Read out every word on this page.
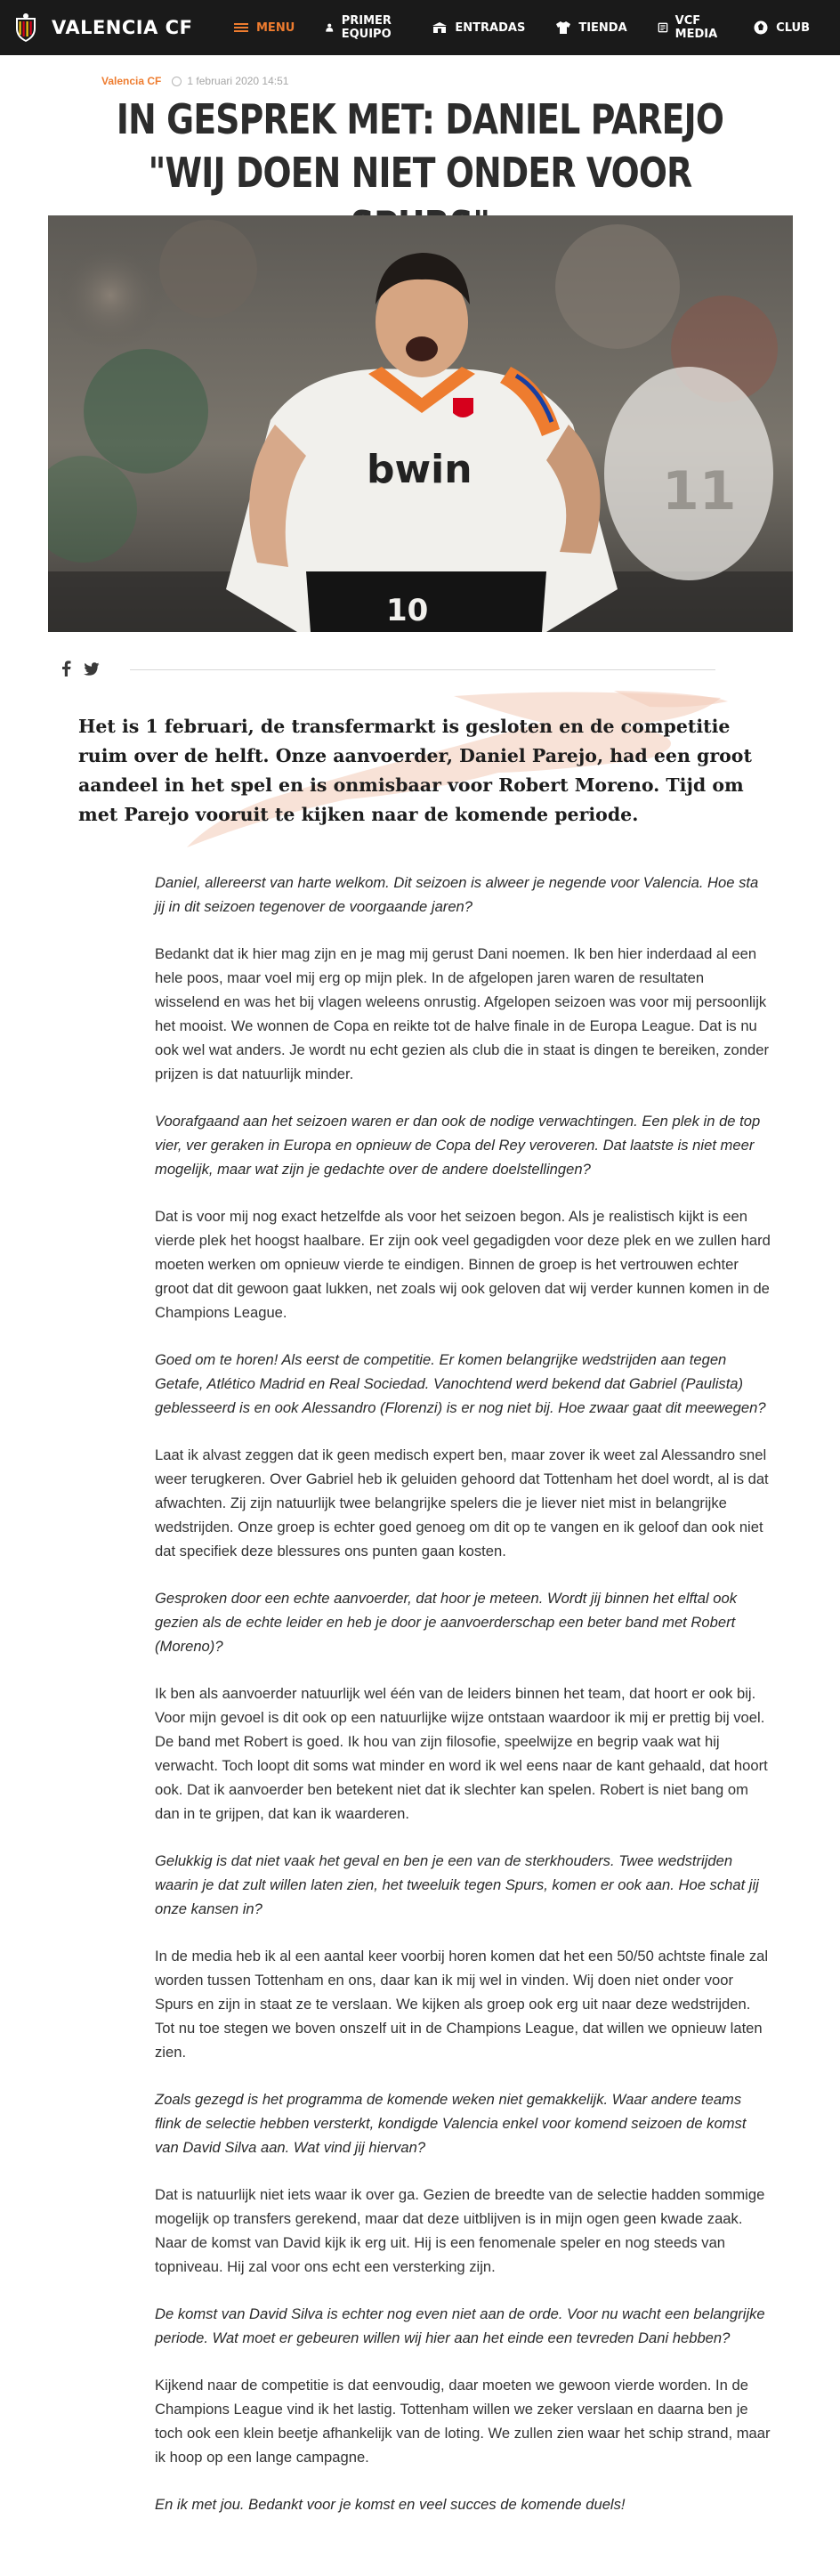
VALENCIA CF	MENU	PRIMER EQUIPO	ENTRADAS	TIENDA	VCF MEDIA	CLUB
Valencia CF 1 februari 2020 14:51
IN GESPREK MET: DANIEL PAREJO
"WIJ DOEN NIET ONDER VOOR
11
bwin
10

Het is 1 februari, de transfermarkt is gesloten en de competitie ruim over de helft. Onze aanvoerder, Daniel Parejo, had een groot aandeel in het spel en is onmisbaar voor Robert Moreno. Tijd om met Parejo vooruit te kijken naar de komende periode.

Daniel, allereerst van harte welkom. Dit seizoen is alweer je negende voor Valencia. Hoe sta jij in dit seizoen tegenover de voorgaande jaren?

Bedankt dat ik hier mag zijn en je mag mij gerust Dani noemen. Ik ben hier inderdaad al een hele poos, maar voel mij erg op mijn plek. In de afgelopen jaren waren de resultaten wisselend en was het bij vlagen weleens onrustig. Afgelopen seizoen was voor mij persoonlijk het mooist. We wonnen de Copa en reikte tot de halve finale in de Europa League. Dat is nu ook wel wat anders. Je wordt nu echt gezien als club die in staat is dingen te bereiken, zonder prijzen is dat natuurlijk minder.

Voorafgaand aan het seizoen waren er dan ook de nodige verwachtingen. Een plek in de top vier, ver geraken in Europa en opnieuw de Copa del Rey veroveren. Dat laatste is niet meer mogelijk, maar wat zijn je gedachte over de andere doelstellingen?

Dat is voor mij nog exact hetzelfde als voor het seizoen begon. Als je realistisch kijkt is een vierde plek het hoogst haalbare. Er zijn ook veel gegadigden voor deze plek en we zullen hard moeten werken om opnieuw vierde te eindigen. Binnen de groep is het vertrouwen echter groot dat dit gewoon gaat lukken, net zoals wij ook geloven dat wij verder kunnen komen in de Champions League.

Goed om te horen! Als eerst de competitie. Er komen belangrijke wedstrijden aan tegen Getafe, Atlético Madrid en Real Sociedad. Vanochtend werd bekend dat Gabriel (Paulista) geblesseerd is en ook Alessandro (Florenzi) is er nog niet bij. Hoe zwaar gaat dit meewegen?

Laat ik alvast zeggen dat ik geen medisch expert ben, maar zover ik weet zal Alessandro snel weer terugkeren. Over Gabriel heb ik geluiden gehoord dat Tottenham het doel wordt, al is dat afwachten. Zij zijn natuurlijk twee belangrijke spelers die je liever niet mist in belangrijke wedstrijden. Onze groep is echter goed genoeg om dit op te vangen en ik geloof dan ook niet dat specifiek deze blessures ons punten gaan kosten.

Gesproken door een echte aanvoerder, dat hoor je meteen. Wordt jij binnen het elftal ook gezien als de echte leider en heb je door je aanvoerderschap een beter band met Robert (Moreno)?

Ik ben als aanvoerder natuurlijk wel één van de leiders binnen het team, dat hoort er ook bij. Voor mijn gevoel is dit ook op een natuurlijke wijze ontstaan waardoor ik mij er prettig bij voel. De band met Robert is goed. Ik hou van zijn filosofie, speelwijze en begrip vaak wat hij verwacht. Toch loopt dit soms wat minder en word ik wel eens naar de kant gehaald, dat hoort ook. Dat ik aanvoerder ben betekent niet dat ik slechter kan spelen. Robert is niet bang om dan in te grijpen, dat kan ik waarderen.

Gelukkig is dat niet vaak het geval en ben je een van de sterkhouders. Twee wedstrijden waarin je dat zult willen laten zien, het tweeluik tegen Spurs, komen er ook aan. Hoe schat jij onze kansen in?

In de media heb ik al een aantal keer voorbij horen komen dat het een 50/50 achtste finale zal worden tussen Tottenham en ons, daar kan ik mij wel in vinden. Wij doen niet onder voor Spurs en zijn in staat ze te verslaan. We kijken als groep ook erg uit naar deze wedstrijden. Tot nu toe stegen we boven onszelf uit in de Champions League, dat willen we opnieuw laten zien.

Zoals gezegd is het programma de komende weken niet gemakkelijk. Waar andere teams flink de selectie hebben versterkt, kondigde Valencia enkel voor komend seizoen de komst van David Silva aan. Wat vind jij hiervan?

Dat is natuurlijk niet iets waar ik over ga. Gezien de breedte van de selectie hadden sommige mogelijk op transfers gerekend, maar dat deze uitblijven is in mijn ogen geen kwade zaak. Naar de komst van David kijk ik erg uit. Hij is een fenomenale speler en nog steeds van topniveau. Hij zal voor ons echt een versterking zijn.

De komst van David Silva is echter nog even niet aan de orde. Voor nu wacht een belangrijke periode. Wat moet er gebeuren willen wij hier aan het einde een tevreden Dani hebben?

Kijkend naar de competitie is dat eenvoudig, daar moeten we gewoon vierde worden. In de Champions League vind ik het lastig. Tottenham willen we zeker verslaan en daarna ben je toch ook een klein beetje afhankelijk van de loting. We zullen zien waar het schip strand, maar ik hoop op een lange campagne.

En ik met jou. Bedankt voor je komst en veel succes de komende duels!
